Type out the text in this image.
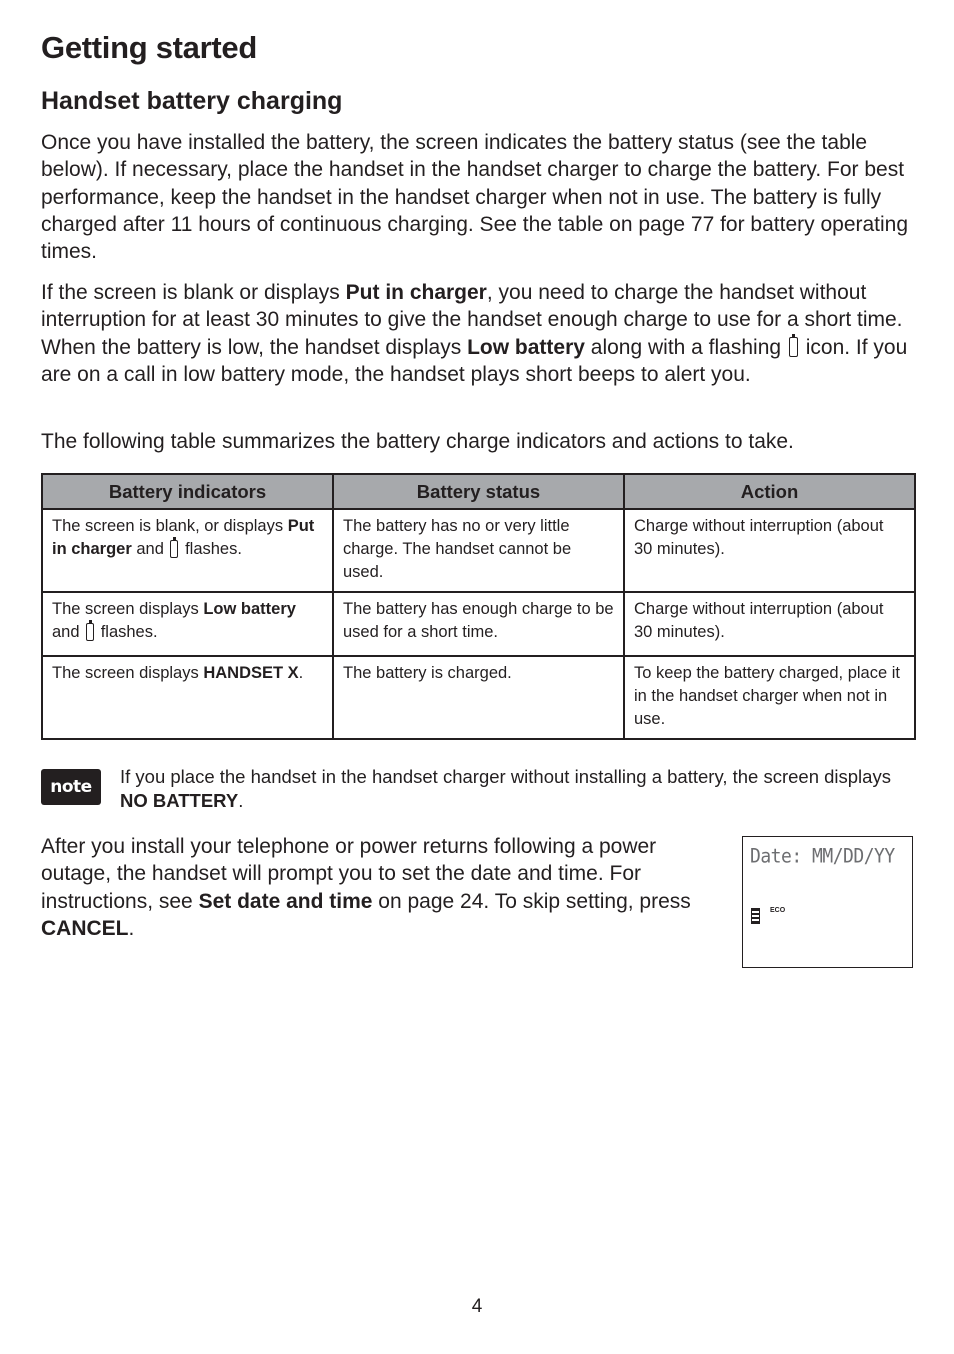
Getting started
Handset battery charging

Once you have installed the battery, the screen indicates the battery status (see the table below). If necessary, place the handset in the handset charger to charge the battery. For best performance, keep the handset in the handset charger when not in use. The battery is fully charged after 11 hours of continuous charging. See the table on page 77 for battery operating times.

If the screen is blank or displays Put in charger, you need to charge the handset without interruption for at least 30 minutes to give the handset enough charge to use for a short time. When the battery is low, the handset displays Low battery along with a flashing  icon. If you are on a call in low battery mode, the handset plays short beeps to alert you.

The following table summarizes the battery charge indicators and actions to take.

Battery indicators	Battery status	Action
The screen is blank, or displays Put in charger and  flashes.	The battery has no or very little charge. The handset cannot be used.	Charge without interruption (about 30 minutes).
The screen displays Low battery and  flashes.	The battery has enough charge to be used for a short time.	Charge without interruption (about 30 minutes).
The screen displays HANDSET X.	The battery is charged.	To keep the battery charged, place it in the handset charger when not in use.
note	If you place the handset in the handset charger without installing a battery, the screen displays NO BATTERY.

After you install your telephone or power returns following a power outage, the handset will prompt you to set the date and time. For instructions, see Set date and time on page 24. To skip setting, press CANCEL.

Date: MM/DD/YY
ECO
4
